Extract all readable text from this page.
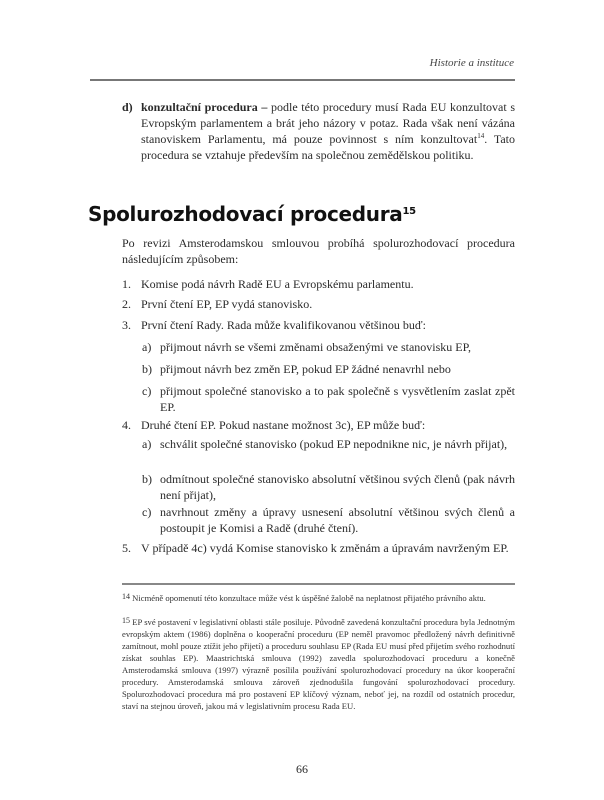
Historie a instituce
d) konzultační procedura – podle této procedury musí Rada EU konzultovat s Evropským parlamentem a brát jeho názory v potaz. Rada však není vázána stanoviskem Parlamentu, má pouze povinnost s ním konzultovat$^{14}$. Tato procedura se vztahuje především na společnou zemědělskou politiku.
Spolurozhodovací procedura$^{15}$
Po revizi Amsterodamskou smlouvou probíhá spolurozhodovací procedura následujícím způsobem:
1. Komise podá návrh Radě EU a Evropskému parlamentu.
2. První čtení EP, EP vydá stanovisko.
3. První čtení Rady. Rada může kvalifikovanou většinou buď:
a) přijmout návrh se všemi změnami obsaženými ve stanovisku EP,
b) přijmout návrh bez změn EP, pokud EP žádné nenavrhl nebo
c) přijmout společné stanovisko a to pak společně s vysvětlením zaslat zpět EP.
4. Druhé čtení EP. Pokud nastane možnost 3c), EP může buď:
a) schválit společné stanovisko (pokud EP nepodnikne nic, je návrh přijat),
b) odmítnout společné stanovisko absolutní většinou svých členů (pak návrh není přijat),
c) navrhnout změny a úpravy usnesení absolutní většinou svých členů a postoupit je Komisi a Radě (druhé čtení).
5. V případě 4c) vydá Komise stanovisko k změnám a úpravám navrženým EP.
$^{14}$ Nicméně opomenutí této konzultace může vést k úspěšné žalobě na neplatnost přijatého právního aktu.
$^{15}$ EP své postavení v legislativní oblasti stále posiluje. Původně zavedená konzultační procedura byla Jednotným evropským aktem (1986) doplněna o kooperační proceduru (EP neměl pravomoc předložený návrh definitivně zamítnout, mohl pouze ztížit jeho přijetí) a proceduru souhlasu EP (Rada EU musí před přijetím svého rozhodnutí získat souhlas EP). Maastrichtská smlouva (1992) zavedla spolurozhodovací proceduru a konečně Amsterodamská smlouva (1997) výrazně posílila používání spolurozhodovací procedury na úkor kooperační procedury. Amsterodamská smlouva zároveň zjednodušila fungování spolurozhodovací procedury. Spolurozhodovací procedura má pro postavení EP klíčový význam, neboť jej, na rozdíl od ostatních procedur, staví na stejnou úroveň, jakou má v legislativním procesu Rada EU.
66
